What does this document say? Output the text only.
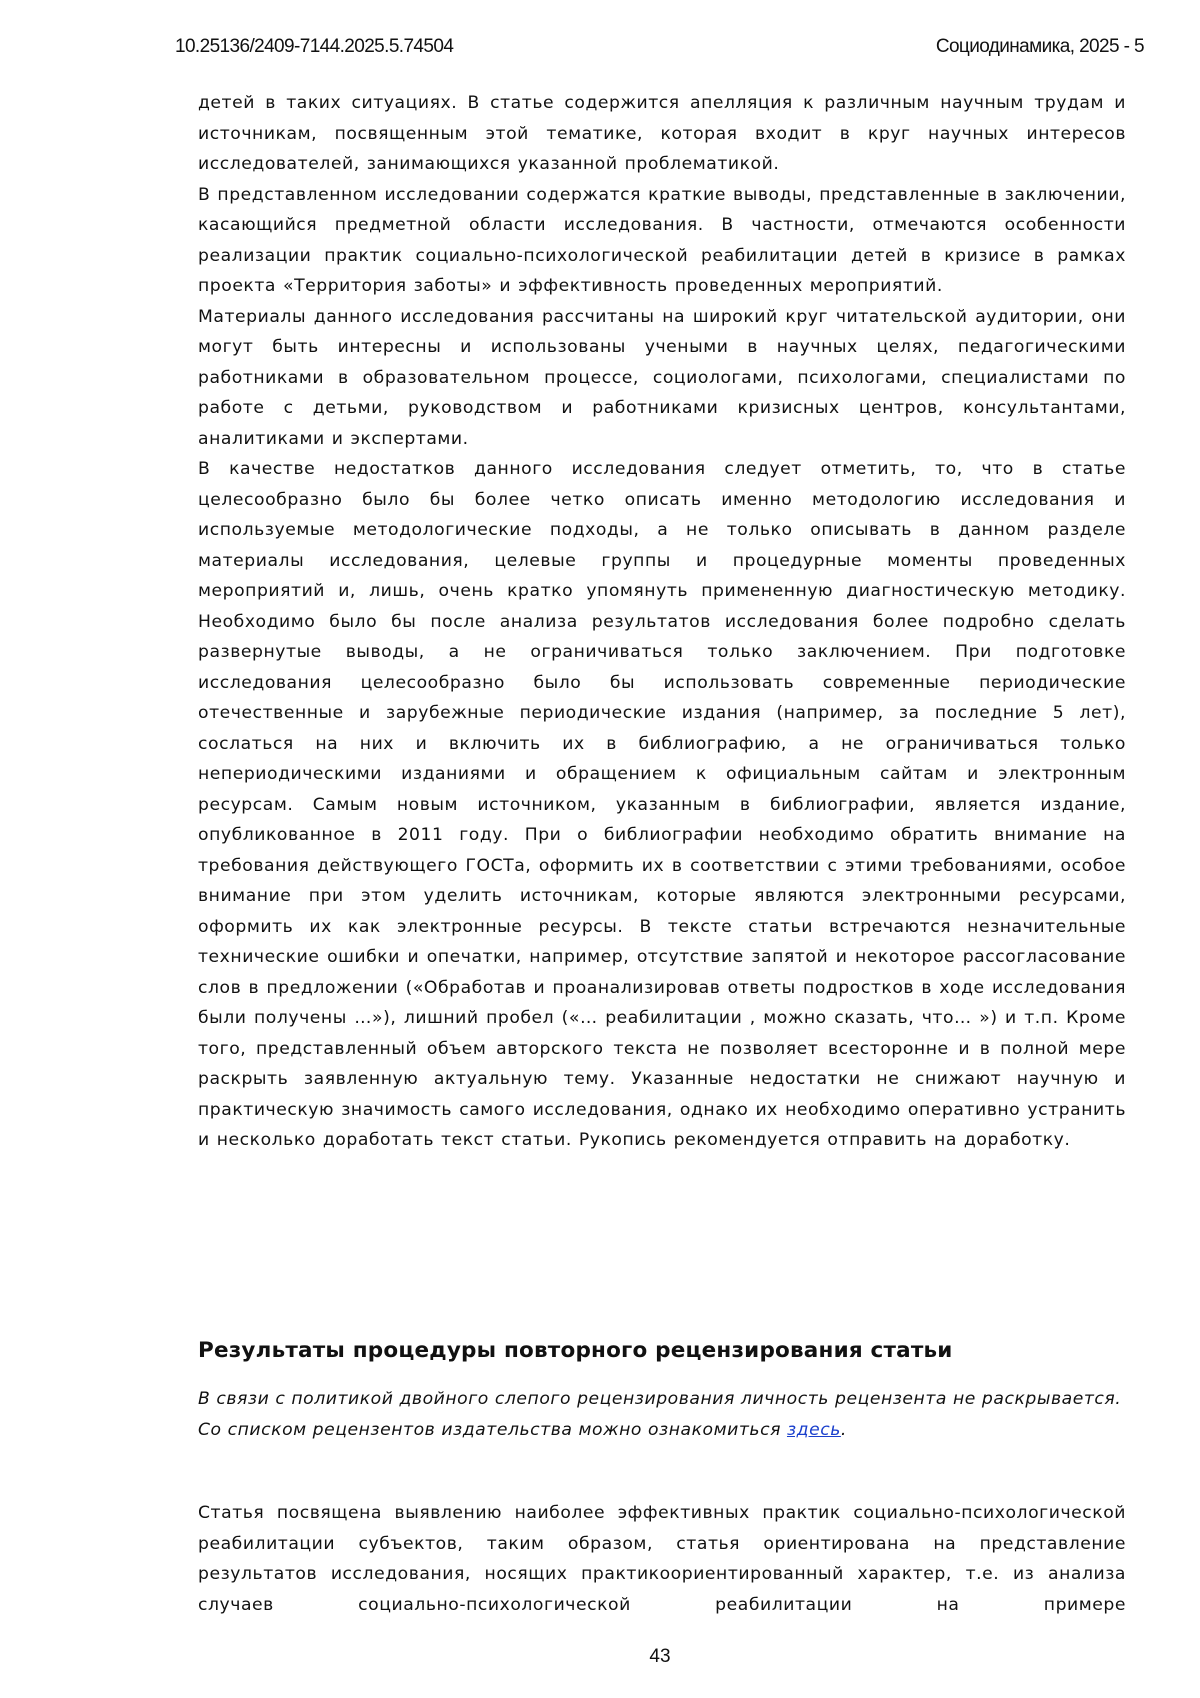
10.25136/2409-7144.2025.5.74504	Социодинамика, 2025 - 5

детей в таких ситуациях. В статье содержится апелляция к различным научным трудам и источникам, посвященным этой тематике, которая входит в круг научных интересов исследователей, занимающихся указанной проблематикой.

В представленном исследовании содержатся краткие выводы, представленные в заключении, касающийся предметной области исследования. В частности, отмечаются особенности реализации практик социально-психологической реабилитации детей в кризисе в рамках проекта «Территория заботы» и эффективность проведенных мероприятий.

Материалы данного исследования рассчитаны на широкий круг читательской аудитории, они могут быть интересны и использованы учеными в научных целях, педагогическими работниками в образовательном процессе, социологами, психологами, специалистами по работе с детьми, руководством и работниками кризисных центров, консультантами, аналитиками и экспертами.

В качестве недостатков данного исследования следует отметить, то, что в статье целесообразно было бы более четко описать именно методологию исследования и используемые методологические подходы, а не только описывать в данном разделе материалы исследования, целевые группы и процедурные моменты проведенных мероприятий и, лишь, очень кратко упомянуть примененную диагностическую методику. Необходимо было бы после анализа результатов исследования более подробно сделать развернутые выводы, а не ограничиваться только заключением. При подготовке исследования целесообразно было бы использовать современные периодические отечественные и зарубежные периодические издания (например, за последние 5 лет), сослаться на них и включить их в библиографию, а не ограничиваться только непериодическими изданиями и обращением к официальным сайтам и электронным ресурсам. Самым новым источником, указанным в библиографии, является издание, опубликованное в 2011 году. При о библиографии необходимо обратить внимание на требования действующего ГОСТа, оформить их в соответствии с этими требованиями, особое внимание при этом уделить источникам, которые являются электронными ресурсами, оформить их как электронные ресурсы. В тексте статьи встречаются незначительные технические ошибки и опечатки, например, отсутствие запятой и некоторое рассогласование слов в предложении («Обработав и проанализировав ответы подростков в ходе исследования были получены …»), лишний пробел («… реабилитации , можно сказать, что… ») и т.п. Кроме того, представленный объем авторского текста не позволяет всесторонне и в полной мере раскрыть заявленную актуальную тему. Указанные недостатки не снижают научную и практическую значимость самого исследования, однако их необходимо оперативно устранить и несколько доработать текст статьи. Рукопись рекомендуется отправить на доработку.

Результаты процедуры повторного рецензирования статьи

В связи с политикой двойного слепого рецензирования личность рецензента не раскрывается.

Со списком рецензентов издательства можно ознакомиться здесь.

Статья посвящена выявлению наиболее эффективных практик социально-психологической реабилитации субъектов, таким образом, статья ориентирована на представление результатов исследования, носящих практикоориентированный характер, т.е. из анализа случаев социально-психологической реабилитации на примере

43
